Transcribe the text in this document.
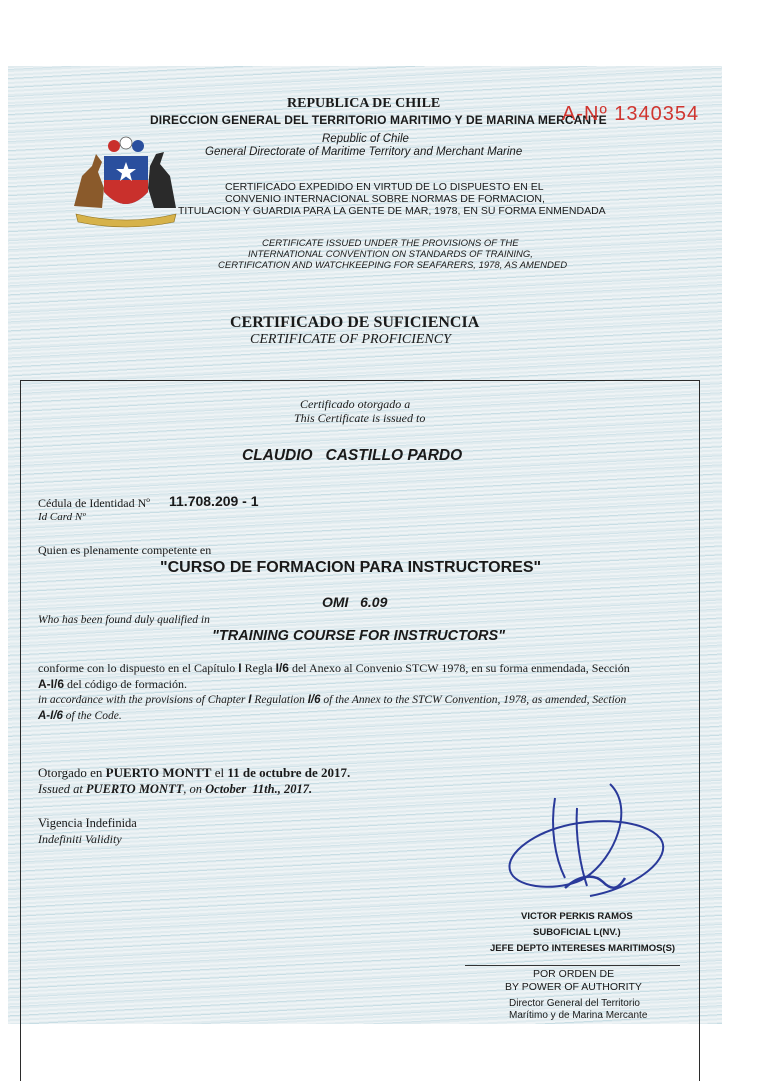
REPUBLICA DE CHILE
DIRECCION GENERAL DEL TERRITORIO MARITIMO Y DE MARINA MERCANTE
A-Nº 1340354
Republic of Chile
General Directorate of Maritime Territory and Merchant Marine
CERTIFICADO EXPEDIDO EN VIRTUD DE LO DISPUESTO EN EL
CONVENIO INTERNACIONAL SOBRE NORMAS DE FORMACION,
TITULACION Y GUARDIA PARA LA GENTE DE MAR, 1978, EN SU FORMA ENMENDADA
CERTIFICATE ISSUED UNDER THE PROVISIONS OF THE
INTERNATIONAL CONVENTION ON STANDARDS OF TRAINING,
CERTIFICATION AND WATCHKEEPING FOR SEAFARERS, 1978, AS AMENDED
CERTIFICADO DE SUFICIENCIA
CERTIFICATE OF PROFICIENCY
Certificado otorgado a
This Certificate is issued to
CLAUDIO   CASTILLO PARDO
Cédula de Identidad Nº 11.708.209 - 1
Id Card Nº
Quien es plenamente competente en
"CURSO DE FORMACION PARA INSTRUCTORES"
OMI   6.09
Who has been found duly qualified in
"TRAINING COURSE FOR INSTRUCTORS"
conforme con lo dispuesto en el Capítulo I Regla I/6 del Anexo al Convenio STCW 1978, en su forma enmendada, Sección
A-I/6 del código de formación.
in accordance with the provisions of Chapter I Regulation I/6 of the Annex to the STCW Convention, 1978, as amended, Section
A-I/6 of the Code.
Otorgado en PUERTO MONTT el 11 de octubre de 2017.
Issued at PUERTO MONTT, on October  11th., 2017.
Vigencia Indefinida
Indefiniti Validity
VICTOR PERKIS RAMOS
SUBOFICIAL L(NV.)
JEFE DEPTO INTERESES MARITIMOS(S)
POR ORDEN DE
BY POWER OF AUTHORITY
Director General del Territorio
Marítimo y de Marina Mercante
